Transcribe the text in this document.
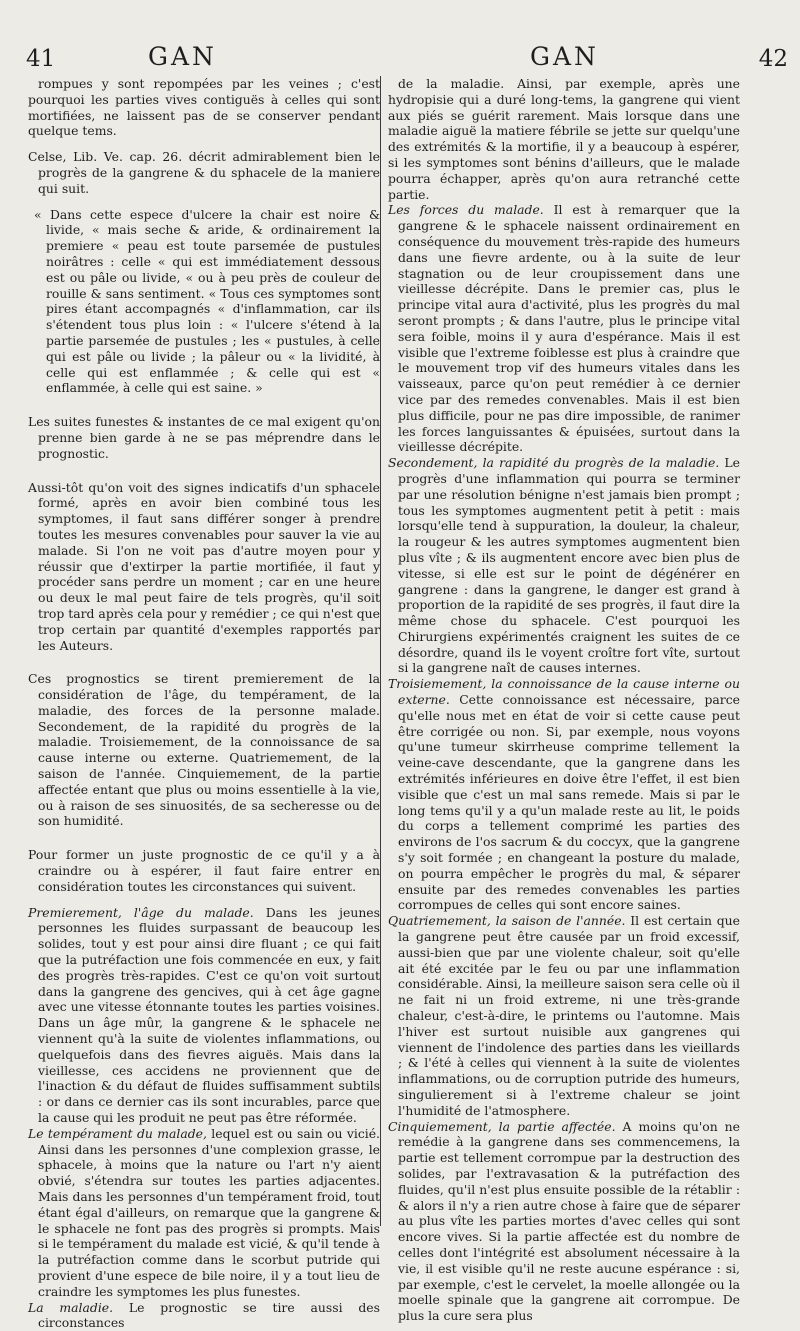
41	GAN	GAN	42

rompues y sont repompées par les veines ; c'est pourquoi les parties vives contiguës à celles qui sont mortifiées, ne laissent pas de se conserver pendant quelque tems.

Celse, Lib. Ve. cap. 26. décrit admirablement bien le progrès de la gangrene & du sphacele de la maniere qui suit.

« Dans cette espece d'ulcere la chair est noire & livide, « mais seche & aride, & ordinairement la premiere « peau est toute parsemée de pustules noirâtres : celle « qui est immédiatement dessous est ou pâle ou livide, « ou à peu près de couleur de rouille & sans sentiment. « Tous ces symptomes sont pires étant accompagnés « d'inflammation, car ils s'étendent tous plus loin : « l'ulcere s'étend à la partie parsemée de pustules ; les « pustules, à celle qui est pâle ou livide ; la pâleur ou « la lividité, à celle qui est enflammée ; & celle qui est « enflammée, à celle qui est saine. »

Les suites funestes & instantes de ce mal exigent qu'on prenne bien garde à ne se pas méprendre dans le prognostic.

Aussi-tôt qu'on voit des signes indicatifs d'un sphacele formé, après en avoir bien combiné tous les symptomes, il faut sans différer songer à prendre toutes les mesures convenables pour sauver la vie au malade. Si l'on ne voit pas d'autre moyen pour y réussir que d'extirper la partie mortifiée, il faut y procéder sans perdre un moment ; car en une heure ou deux le mal peut faire de tels progrès, qu'il soit trop tard après cela pour y remédier ; ce qui n'est que trop certain par quantité d'exemples rapportés par les Auteurs.

Ces prognostics se tirent premierement de la considération de l'âge, du tempérament, de la maladie, des forces de la personne malade. Secondement, de la rapidité du progrès de la maladie. Troisiemement, de la connoissance de sa cause interne ou externe. Quatriemement, de la saison de l'année. Cinquiemement, de la partie affectée entant que plus ou moins essentielle à la vie, ou à raison de ses sinuosités, de sa secheresse ou de son humidité.

Pour former un juste prognostic de ce qu'il y a à craindre ou à espérer, il faut faire entrer en considération toutes les circonstances qui suivent.

Premierement, l'âge du malade. Dans les jeunes personnes les fluides surpassant de beaucoup les solides, tout y est pour ainsi dire fluant ; ce qui fait que la putréfaction une fois commencée en eux, y fait des progrès très-rapides. C'est ce qu'on voit surtout dans la gangrene des gencives, qui à cet âge gagne avec une vitesse étonnante toutes les parties voisines. Dans un âge mûr, la gangrene & le sphacele ne viennent qu'à la suite de violentes inflammations, ou quelquefois dans des fievres aiguës. Mais dans la vieillesse, ces accidens ne proviennent que de l'inaction & du défaut de fluides suffisamment subtils : or dans ce dernier cas ils sont incurables, parce que la cause qui les produit ne peut pas être réformée.

Le tempérament du malade, lequel est ou sain ou vicié. Ainsi dans les personnes d'une complexion grasse, le sphacele, à moins que la nature ou l'art n'y aient obvié, s'étendra sur toutes les parties adjacentes. Mais dans les personnes d'un tempérament froid, tout étant égal d'ailleurs, on remarque que la gangrene & le sphacele ne font pas des progrès si prompts. Mais si le tempérament du malade est vicié, & qu'il tende à la putréfaction comme dans le scorbut putride qui provient d'une espece de bile noire, il y a tout lieu de craindre les symptomes les plus funestes.

La maladie. Le prognostic se tire aussi des circonstances

de la maladie. Ainsi, par exemple, après une hydropisie qui a duré long-tems, la gangrene qui vient aux piés se guérit rarement. Mais lorsque dans une maladie aiguë la matiere fébrile se jette sur quelqu'une des extrémités & la mortifie, il y a beaucoup à espérer, si les symptomes sont bénins d'ailleurs, que le malade pourra échapper, après qu'on aura retranché cette partie.

Les forces du malade. Il est à remarquer que la gangrene & le sphacele naissent ordinairement en conséquence du mouvement très-rapide des humeurs dans une fievre ardente, ou à la suite de leur stagnation ou de leur croupissement dans une vieillesse décrépite. Dans le premier cas, plus le principe vital aura d'activité, plus les progrès du mal seront prompts ; & dans l'autre, plus le principe vital sera foible, moins il y aura d'espérance. Mais il est visible que l'extreme foiblesse est plus à craindre que le mouvement trop vif des humeurs vitales dans les vaisseaux, parce qu'on peut remédier à ce dernier vice par des remedes convenables. Mais il est bien plus difficile, pour ne pas dire impossible, de ranimer les forces languissantes & épuisées, surtout dans la vieillesse décrépite.

Secondement, la rapidité du progrès de la maladie. Le progrès d'une inflammation qui pourra se terminer par une résolution bénigne n'est jamais bien prompt ; tous les symptomes augmentent petit à petit : mais lorsqu'elle tend à suppuration, la douleur, la chaleur, la rougeur & les autres symptomes augmentent bien plus vîte ; & ils augmentent encore avec bien plus de vitesse, si elle est sur le point de dégénérer en gangrene : dans la gangrene, le danger est grand à proportion de la rapidité de ses progrès, il faut dire la même chose du sphacele. C'est pourquoi les Chirurgiens expérimentés craignent les suites de ce désordre, quand ils le voyent croître fort vîte, surtout si la gangrene naît de causes internes.

Troisiemement, la connoissance de la cause interne ou externe. Cette connoissance est nécessaire, parce qu'elle nous met en état de voir si cette cause peut être corrigée ou non. Si, par exemple, nous voyons qu'une tumeur skirrheuse comprime tellement la veine-cave descendante, que la gangrene dans les extrémités inférieures en doive être l'effet, il est bien visible que c'est un mal sans remede. Mais si par le long tems qu'il y a qu'un malade reste au lit, le poids du corps a tellement comprimé les parties des environs de l'os sacrum & du coccyx, que la gangrene s'y soit formée ; en changeant la posture du malade, on pourra empêcher le progrès du mal, & séparer ensuite par des remedes convenables les parties corrompues de celles qui sont encore saines.

Quatriemement, la saison de l'année. Il est certain que la gangrene peut être causée par un froid excessif, aussi-bien que par une violente chaleur, soit qu'elle ait été excitée par le feu ou par une inflammation considérable. Ainsi, la meilleure saison sera celle où il ne fait ni un froid extreme, ni une très-grande chaleur, c'est-à-dire, le printems ou l'automne. Mais l'hiver est surtout nuisible aux gangrenes qui viennent de l'indolence des parties dans les vieillards ; & l'été à celles qui viennent à la suite de violentes inflammations, ou de corruption putride des humeurs, singulierement si à l'extreme chaleur se joint l'humidité de l'atmosphere.

Cinquiemement, la partie affectée. A moins qu'on ne remédie à la gangrene dans ses commencemens, la partie est tellement corrompue par la destruction des solides, par l'extravasation & la putréfaction des fluides, qu'il n'est plus ensuite possible de la rétablir : & alors il n'y a rien autre chose à faire que de séparer au plus vîte les parties mortes d'avec celles qui sont encore vives. Si la partie affectée est du nombre de celles dont l'intégrité est absolument nécessaire à la vie, il est visible qu'il ne reste aucune espérance : si, par exemple, c'est le cervelet, la moelle allongée ou la moelle spinale que la gangrene ait corrompue. De plus la cure sera plus
